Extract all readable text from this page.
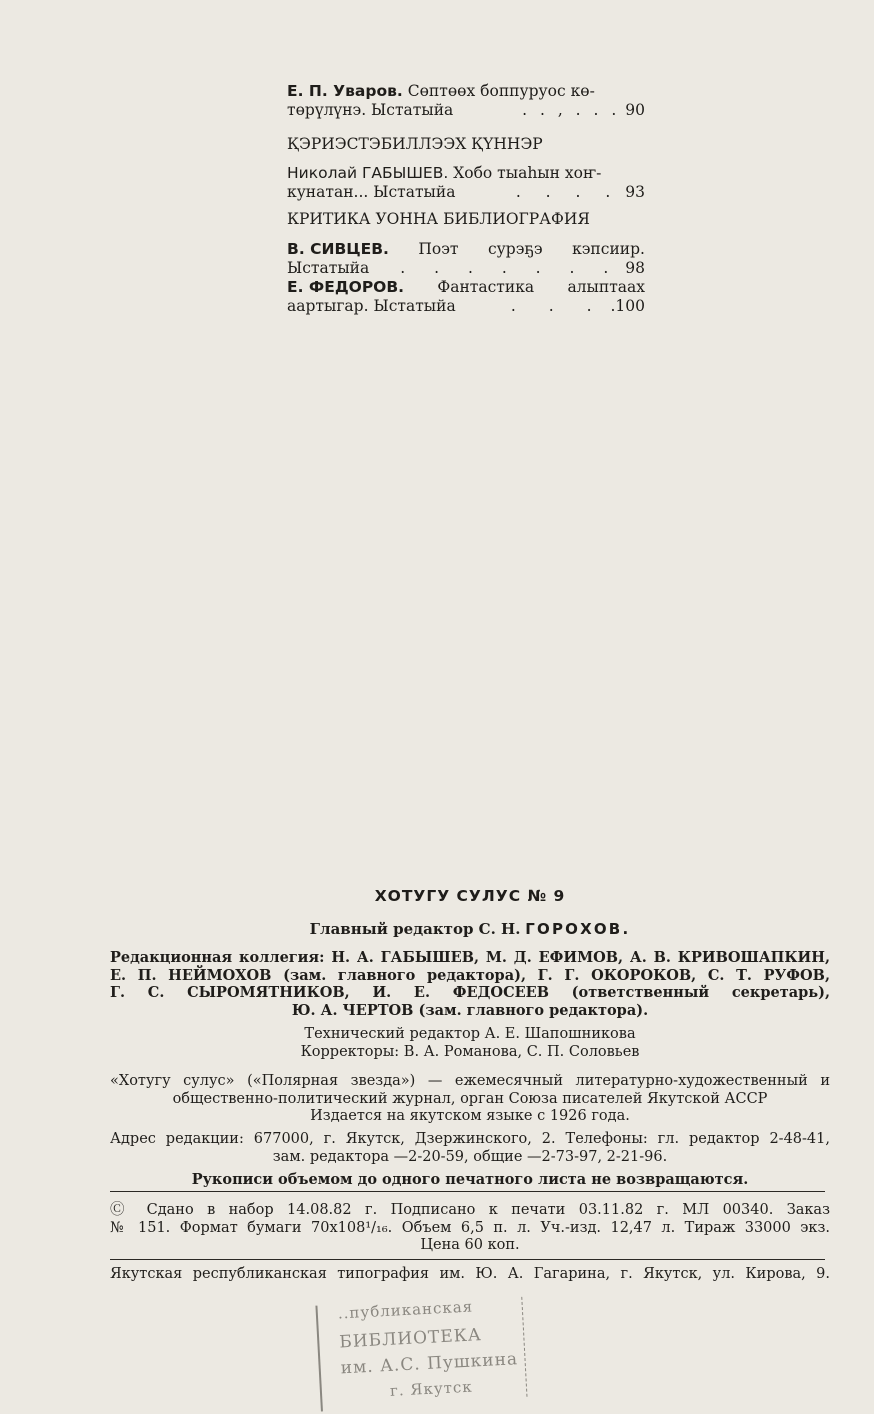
Е. П. Уваров. Сөптөөх боппуруос кө-
төрүлүнэ. Ыстатыйа	. . , . . . 90
ҚЭРИЭСТЭБИЛЛЭЭХ ҚҮННЭР
Николай ГАБЫШЕВ. Хобо тыаһын хоҥ-
кунатан... Ыстатыйа	. . . . 93
КРИТИКА УОННА БИБЛИОГРАФИЯ
В. СИВЦЕВ. Поэт сурэҕэ кэпсиир.
Ыстатыйа . . . . . . . 98
Е. ФЕДОРОВ. Фантастика алыптаах
аартыгар. Ыстатыйа	. . . .100
ХОТУГУ СУЛУС № 9
Главный редактор С. Н. ГОРОХОВ.
Редакционная коллегия: Н. А. ГАБЫШЕВ, М. Д. ЕФИМОВ, А. В. КРИВОШАПКИН,
Е. П. НЕЙМОХОВ (зам. главного редактора), Г. Г. ОКОРОКОВ, С. Т. РУФОВ,
Г. С. СЫРОМЯТНИКОВ, И. Е. ФЕДОСЕЕВ (ответственный секретарь),
Ю. А. ЧЕРТОВ (зам. главного редактора).
Технический редактор А. Е. Шапошникова
Корректоры: В. А. Романова, С. П. Соловьев
«Хотугу сулус» («Полярная звезда») — ежемесячный литературно-художественный и
общественно-политический журнал, орган Союза писателей Якутской АССР
Издается на якутском языке с 1926 года.
Адрес редакции: 677000, г. Якутск, Дзержинского, 2. Телефоны: гл. редактор 2-48-41,
зам. редактора —2-20-59, общие —2-73-97, 2-21-96.
Рукописи объемом до одного печатного листа не возвращаются.
Ⓒ Сдано в набор 14.08.82 г. Подписано к печати 03.11.82 г. МЛ 00340. Заказ
№ 151. Формат бумаги 70x108¹/₁₆. Объем 6,5 п. л. Уч.-изд. 12,47 л. Тираж 33000 экз.
Цена 60 коп.
Якутская республиканская типография им. Ю. А. Гагарина, г. Якутск, ул. Кирова, 9.
..публиканская
БИБЛИОТЕКА
им. А.С. Пушкина
г. Якутск
